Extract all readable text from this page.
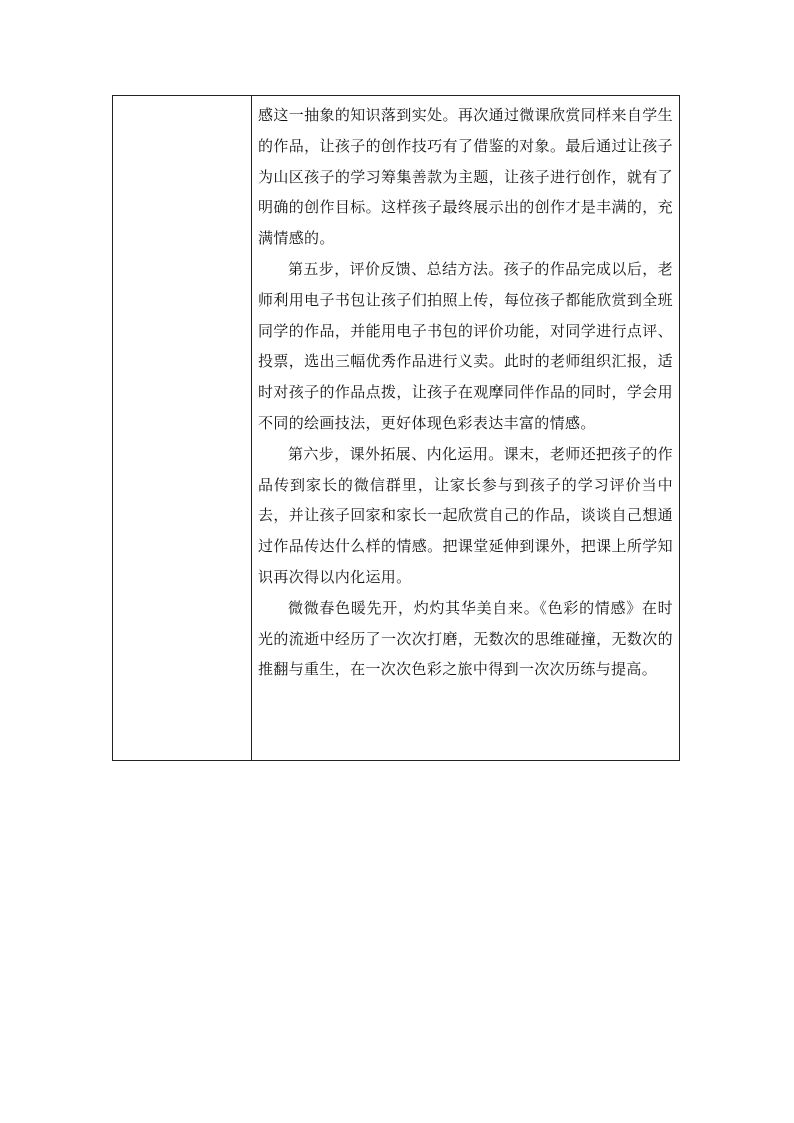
感这一抽象的知识落到实处。再次通过微课欣赏同样来自学生的作品，让孩子的创作技巧有了借鉴的对象。最后通过让孩子为山区孩子的学习筹集善款为主题，让孩子进行创作，就有了明确的创作目标。这样孩子最终展示出的创作才是丰满的，充满情感的。

第五步，评价反馈、总结方法。孩子的作品完成以后，老师利用电子书包让孩子们拍照上传，每位孩子都能欣赏到全班同学的作品，并能用电子书包的评价功能，对同学进行点评、投票，选出三幅优秀作品进行义卖。此时的老师组织汇报，适时对孩子的作品点拨，让孩子在观摩同伴作品的同时，学会用不同的绘画技法，更好体现色彩表达丰富的情感。

第六步，课外拓展、内化运用。课末，老师还把孩子的作品传到家长的微信群里，让家长参与到孩子的学习评价当中去，并让孩子回家和家长一起欣赏自己的作品，谈谈自己想通过作品传达什么样的情感。把课堂延伸到课外，把课上所学知识再次得以内化运用。

微微春色暖先开，灼灼其华美自来。《色彩的情感》在时光的流逝中经历了一次次打磨，无数次的思维碰撞，无数次的推翻与重生，在一次次色彩之旅中得到一次次历练与提高。
